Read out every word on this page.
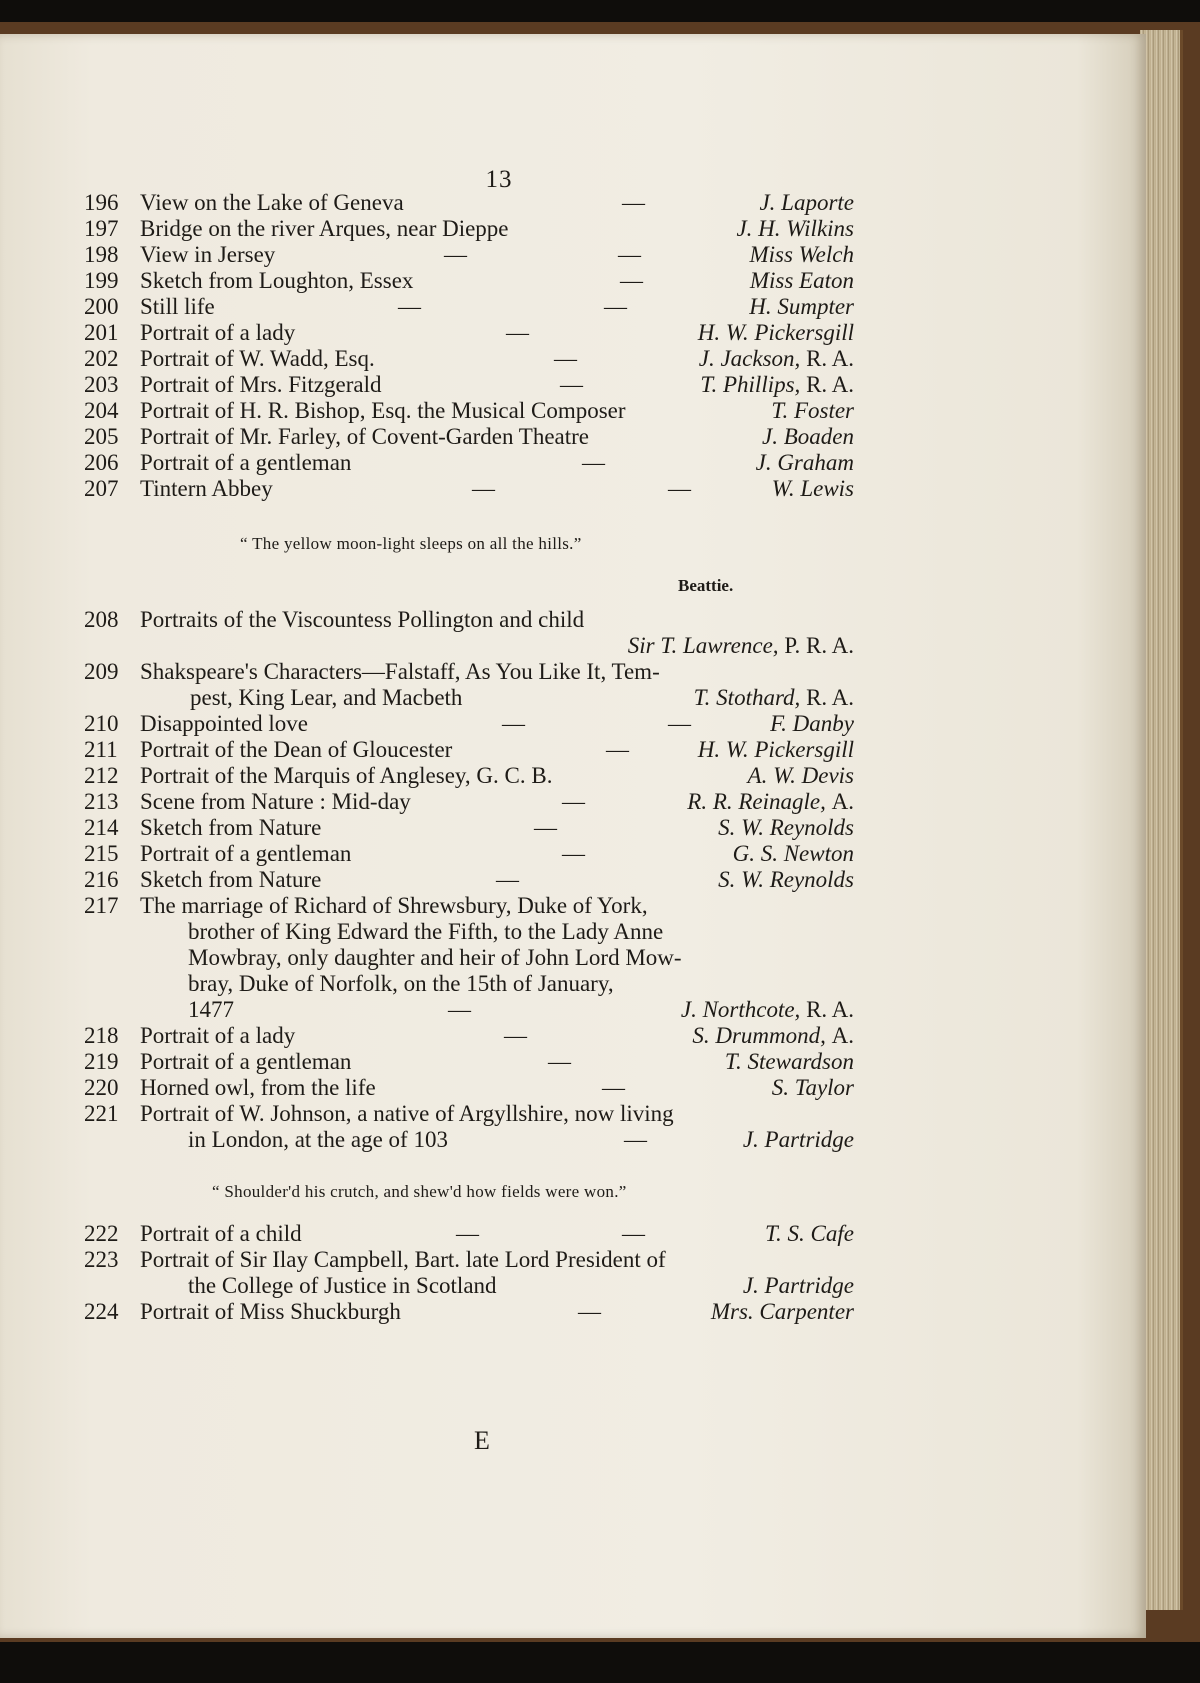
13
196 View on the Lake of Geneva	—	J. Laporte
197 Bridge on the river Arques, near Dieppe	J. H. Wilkins
198 View in Jersey	—	—	Miss Welch
199 Sketch from Loughton, Essex	—	Miss Eaton
200 Still life	—	—	H. Sumpter
201 Portrait of a lady	—	H. W. Pickersgill
202 Portrait of W. Wadd, Esq.	—	J. Jackson, R. A.
203 Portrait of Mrs. Fitzgerald	—	T. Phillips, R. A.
204 Portrait of H. R. Bishop, Esq. the Musical Composer	T. Foster
205 Portrait of Mr. Farley, of Covent-Garden Theatre	J. Boaden
206 Portrait of a gentleman	—	J. Graham
207 Tintern Abbey	—	—	W. Lewis
“ The yellow moon-light sleeps on all the hills.”
Beattie.
208 Portraits of the Viscountess Pollington and child
Sir T. Lawrence, P. R. A.
209 Shakspeare's Characters—Falstaff, As You Like It, Tem-
pest, King Lear, and Macbeth	T. Stothard, R. A.
210 Disappointed love	—	—	F. Danby
211 Portrait of the Dean of Gloucester	—	H. W. Pickersgill
212 Portrait of the Marquis of Anglesey, G. C. B.	A. W. Devis
213 Scene from Nature : Mid-day	—	R. R. Reinagle, A.
214 Sketch from Nature	—	S. W. Reynolds
215 Portrait of a gentleman	—	G. S. Newton
216 Sketch from Nature	—	S. W. Reynolds
217 The marriage of Richard of Shrewsbury, Duke of York,
brother of King Edward the Fifth, to the Lady Anne
Mowbray, only daughter and heir of John Lord Mow-
bray, Duke of Norfolk, on the 15th of January,
1477	—	J. Northcote, R. A.
218 Portrait of a lady	—	S. Drummond, A.
219 Portrait of a gentleman	—	T. Stewardson
220 Horned owl, from the life	—	S. Taylor
221 Portrait of W. Johnson, a native of Argyllshire, now living
in London, at the age of 103	—	J. Partridge
“ Shoulder'd his crutch, and shew'd how fields were won.”
222 Portrait of a child	—	—	T. S. Cafe
223 Portrait of Sir Ilay Campbell, Bart. late Lord President of
the College of Justice in Scotland	J. Partridge
224 Portrait of Miss Shuckburgh	—	Mrs. Carpenter
E
